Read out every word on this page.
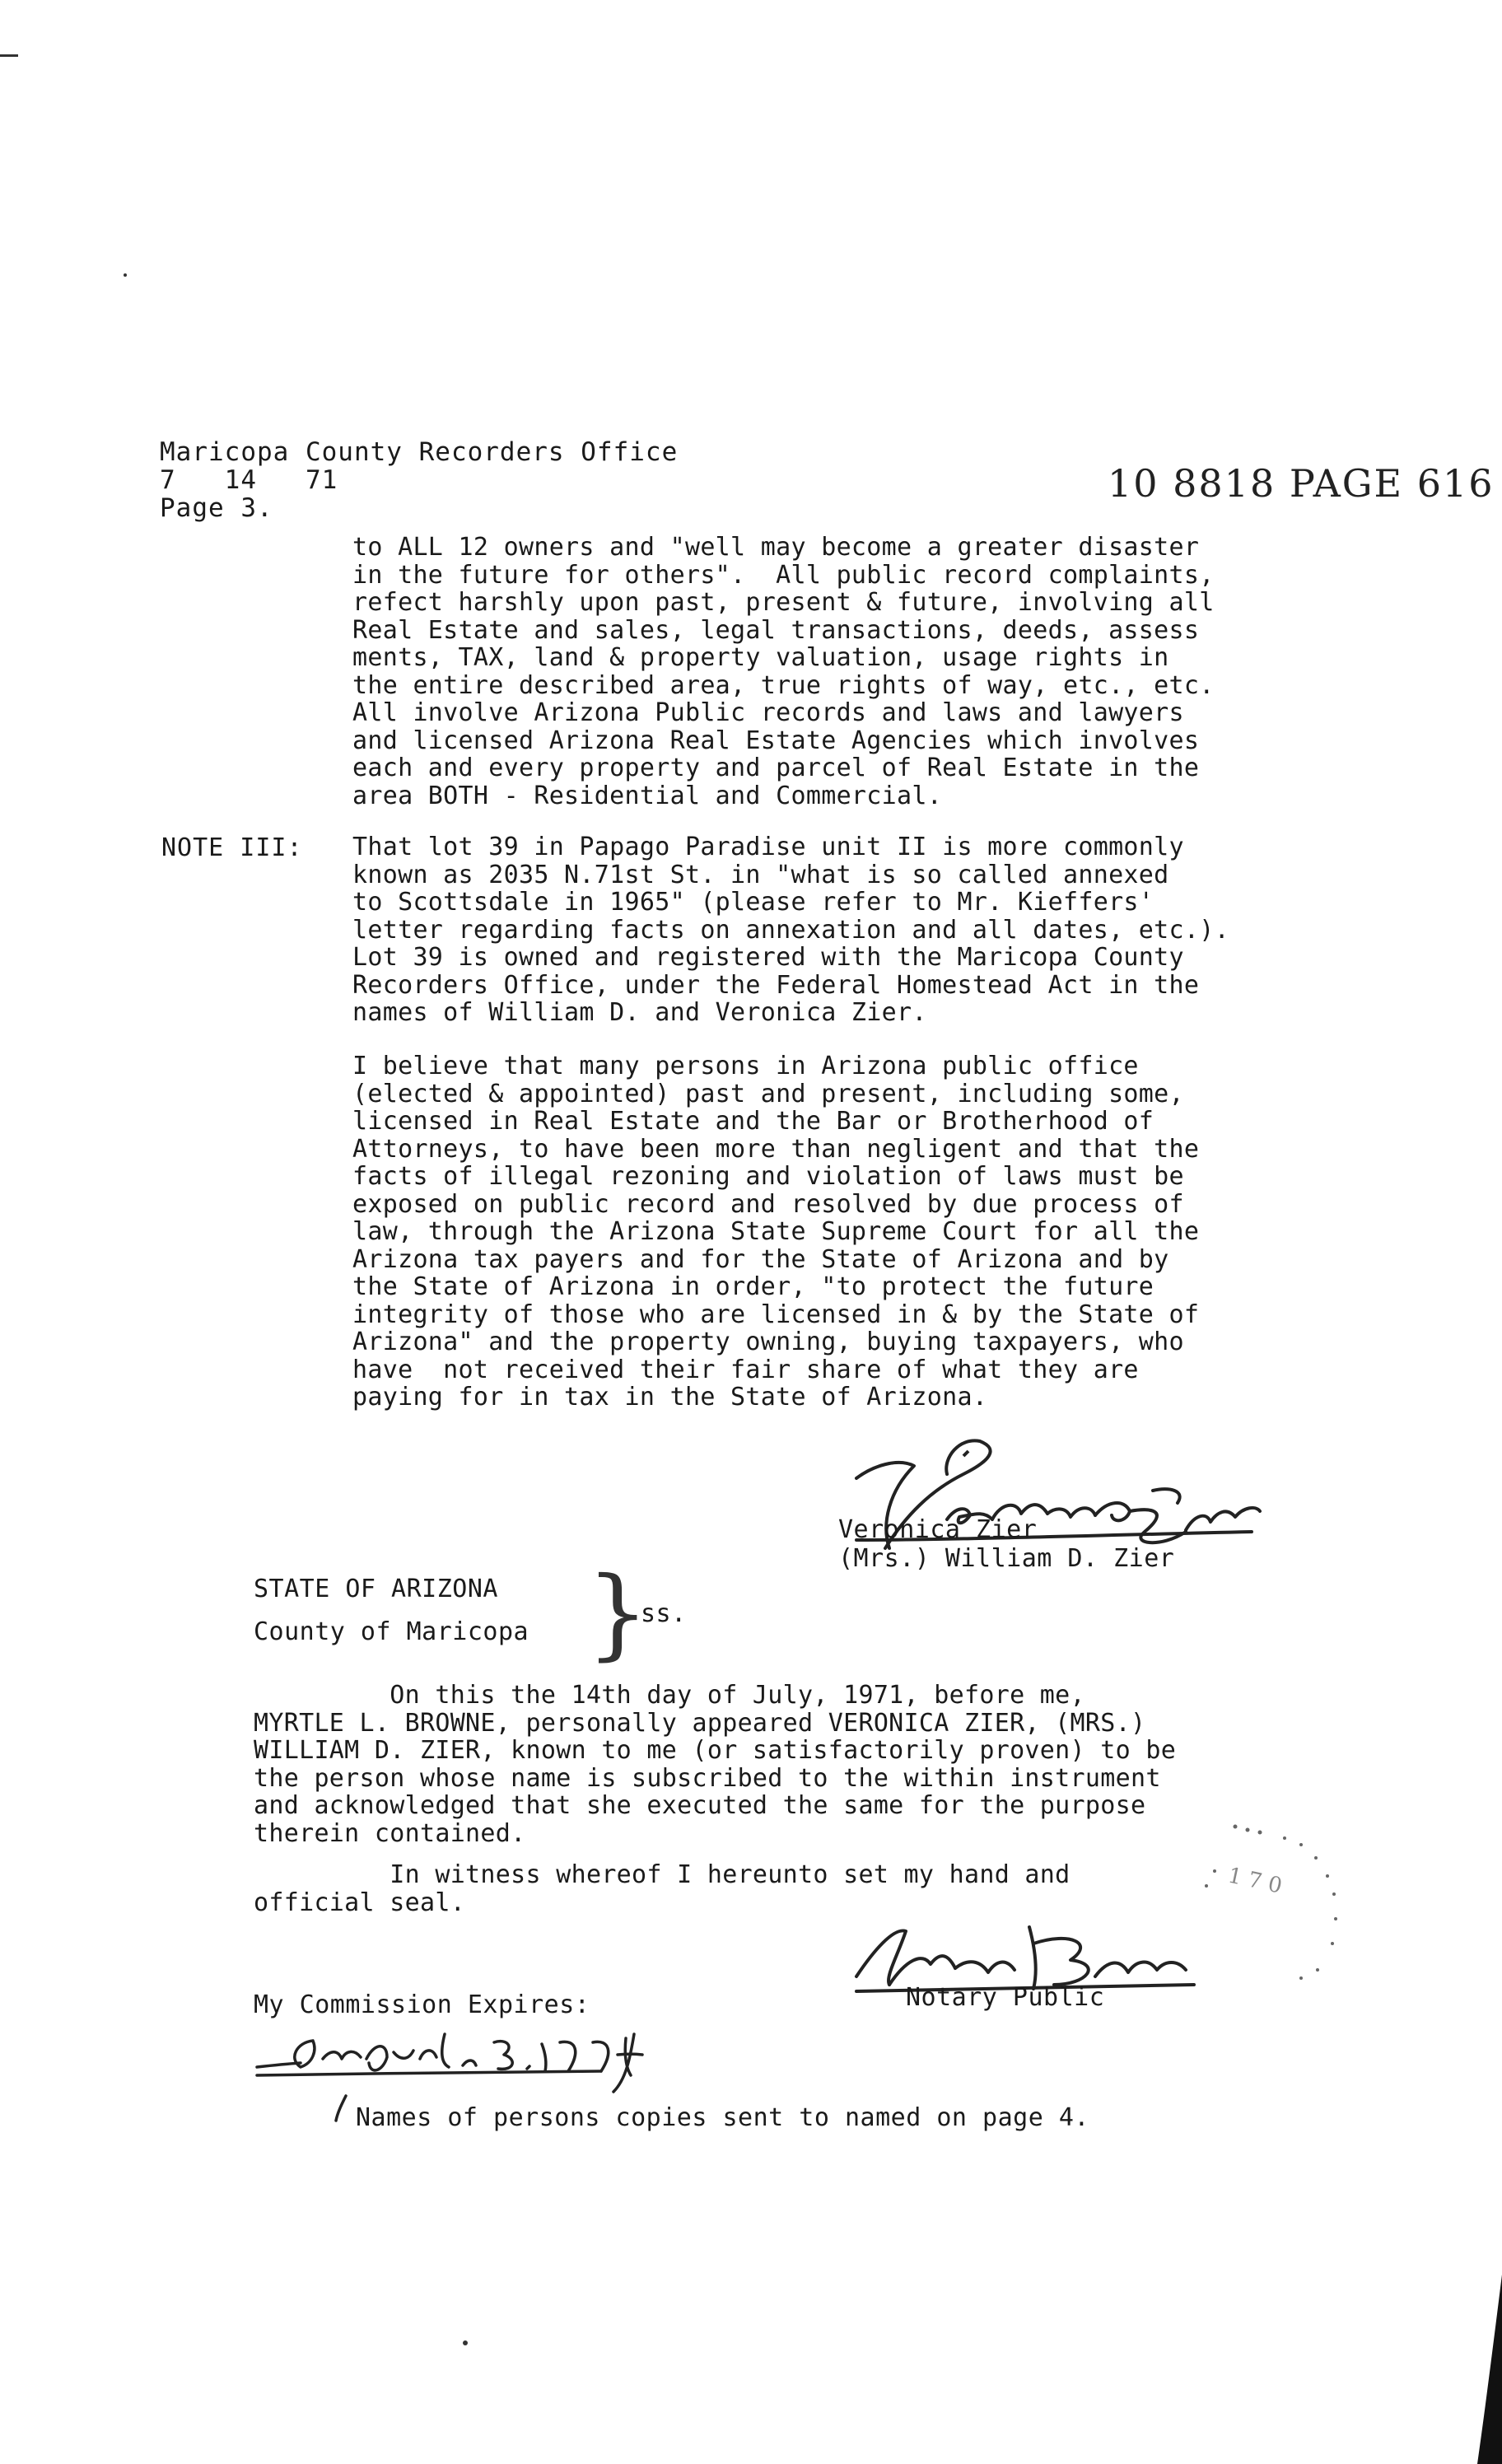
Maricopa County Recorders Office
7   14   71
Page 3.
10 8818 PAGE 616

to ALL 12 owners and "well may become a greater disaster

in the future for others".  All public record complaints,

refect harshly upon past, present & future, involving all

Real Estate and sales, legal transactions, deeds, assess

ments, TAX, land & property valuation, usage rights in

the entire described area, true rights of way, etc., etc.

All involve Arizona Public records and laws and lawyers

and licensed Arizona Real Estate Agencies which involves

each and every property and parcel of Real Estate in the

area BOTH - Residential and Commercial.

NOTE III: That lot 39 in Papago Paradise unit II is more commonly

known as 2035 N.71st St. in "what is so called annexed

to Scottsdale in 1965" (please refer to Mr. Kieffers'

letter regarding facts on annexation and all dates, etc.).

Lot 39 is owned and registered with the Maricopa County

Recorders Office, under the Federal Homestead Act in the

names of William D. and Veronica Zier.

I believe that many persons in Arizona public office

(elected & appointed) past and present, including some,

licensed in Real Estate and the Bar or Brotherhood of

Attorneys, to have been more than negligent and that the

facts of illegal rezoning and violation of laws must be

exposed on public record and resolved by due process of

law, through the Arizona State Supreme Court for all the

Arizona tax payers and for the State of Arizona and by

the State of Arizona in order, "to protect the future

integrity of those who are licensed in & by the State of

Arizona" and the property owning, buying taxpayers, who

have  not received their fair share of what they are

paying for in tax in the State of Arizona.

Veronica Zier
(Mrs.) William D. Zier
STATE OF ARIZONA
County of Maricopa }
ss.

On this the 14th day of July, 1971, before me,

MYRTLE L. BROWNE, personally appeared VERONICA ZIER, (MRS.)

WILLIAM D. ZIER, known to me (or satisfactorily proven) to be

the person whose name is subscribed to the within instrument

and acknowledged that she executed the same for the purpose

therein contained.

In witness whereof I hereunto set my hand and

official seal.

1 7 0
Notary Public
My Commission Expires:
Names of persons copies sent to named on page 4.
